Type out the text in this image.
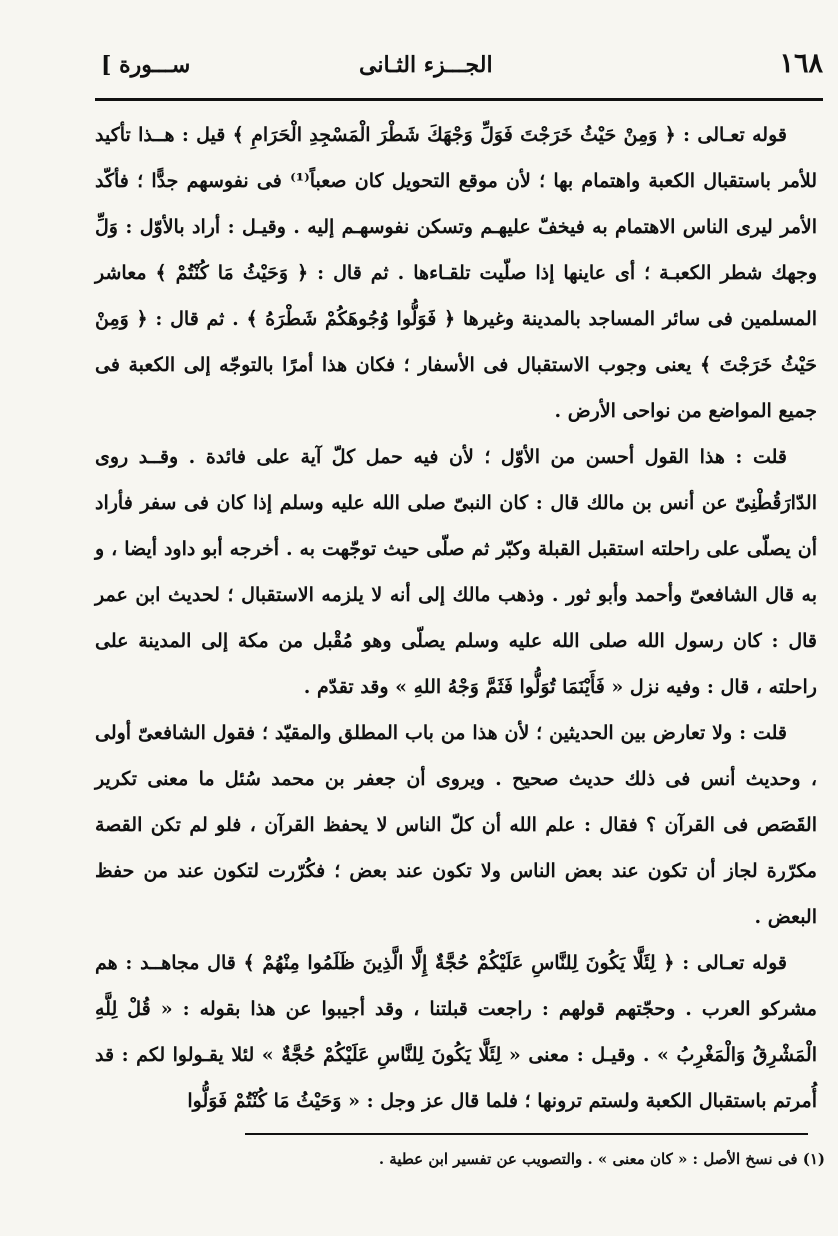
١٦٨
الجـــزء الثـانى
[ ســـورة

قوله تعـالى : ﴿ وَمِنْ حَيْثُ خَرَجْتَ فَوَلِّ وَجْهَكَ شَطْرَ الْمَسْجِدِ الْحَرَامِ ﴾ قيل : هــذا تأكيد للأمر باستقبال الكعبة واهتمام بها ؛ لأن موقع التحويل كان صعباً⁽¹⁾ فى نفوسهم جدًّا ؛ فأكّد الأمر ليرى الناس الاهتمام به فيخفّ عليهـم وتسكن نفوسهـم إليه . وقيـل : أراد بالأوّل : وَلِّ وجهك شطر الكعبـة ؛ أى عاينها إذا صلّيت تلقـاءها . ثم قال : ﴿ وَحَيْثُ مَا كُنْتُمْ ﴾ معاشر المسلمين فى سائر المساجد بالمدينة وغيرها ﴿ فَوَلُّوا وُجُوهَكُمْ شَطْرَهُ ﴾ . ثم قال : ﴿ وَمِنْ حَيْثُ خَرَجْتَ ﴾ يعنى وجوب الاستقبال فى الأسفار ؛ فكان هذا أمرًا بالتوجّه إلى الكعبة فى جميع المواضع من نواحى الأرض .

قلت : هذا القول أحسن من الأوّل ؛ لأن فيه حمل كلّ آية على فائدة . وقــد روى الدّارَقُطْنِىّ عن أنس بن مالك قال : كان النبىّ صلى الله عليه وسلم إذا كان فى سفر فأراد أن يصلّى على راحلته استقبل القبلة وكبّر ثم صلّى حيث توجّهت به . أخرجه أبو داود أيضا ، و به قال الشافعىّ وأحمد وأبو ثور . وذهب مالك إلى أنه لا يلزمه الاستقبال ؛ لحديث ابن عمر قال : كان رسول الله صلى الله عليه وسلم يصلّى وهو مُقْبل من مكة إلى المدينة على راحلته ، قال : وفيه نزل « فَأَيْنَمَا تُوَلُّوا فَثَمَّ وَجْهُ اللهِ » وقد تقدّم .

قلت : ولا تعارض بين الحديثين ؛ لأن هذا من باب المطلق والمقيّد ؛ فقول الشافعىّ أولى ، وحديث أنس فى ذلك حديث صحيح . ويروى أن جعفر بن محمد سُئل ما معنى تكرير القَصَص فى القرآن ؟ فقال : علم الله أن كلّ الناس لا يحفظ القرآن ، فلو لم تكن القصة مكرّرة لجاز أن تكون عند بعض الناس ولا تكون عند بعض ؛ فكُرّرت لتكون عند من حفظ البعض .

قوله تعـالى : ﴿ لِئَلَّا يَكُونَ لِلنَّاسِ عَلَيْكُمْ حُجَّةٌ إِلَّا الَّذِينَ ظَلَمُوا مِنْهُمْ ﴾ قال مجاهــد : هم مشركو العرب . وحجّتهم قولهم : راجعت قبلتنا ، وقد أجيبوا عن هذا بقوله : « قُلْ لِلَّهِ الْمَشْرِقُ وَالْمَغْرِبُ » . وقيـل : معنى « لِئَلَّا يَكُونَ لِلنَّاسِ عَلَيْكُمْ حُجَّةٌ » لئلا يقـولوا لكم : قد أُمرتم باستقبال الكعبة ولستم ترونها ؛ فلما قال عز وجل : « وَحَيْثُ مَا كُنْتُمْ فَوَلُّوا

(١) فى نسخ الأصل : « كان معنى » . والتصويب عن تفسير ابن عطية .
